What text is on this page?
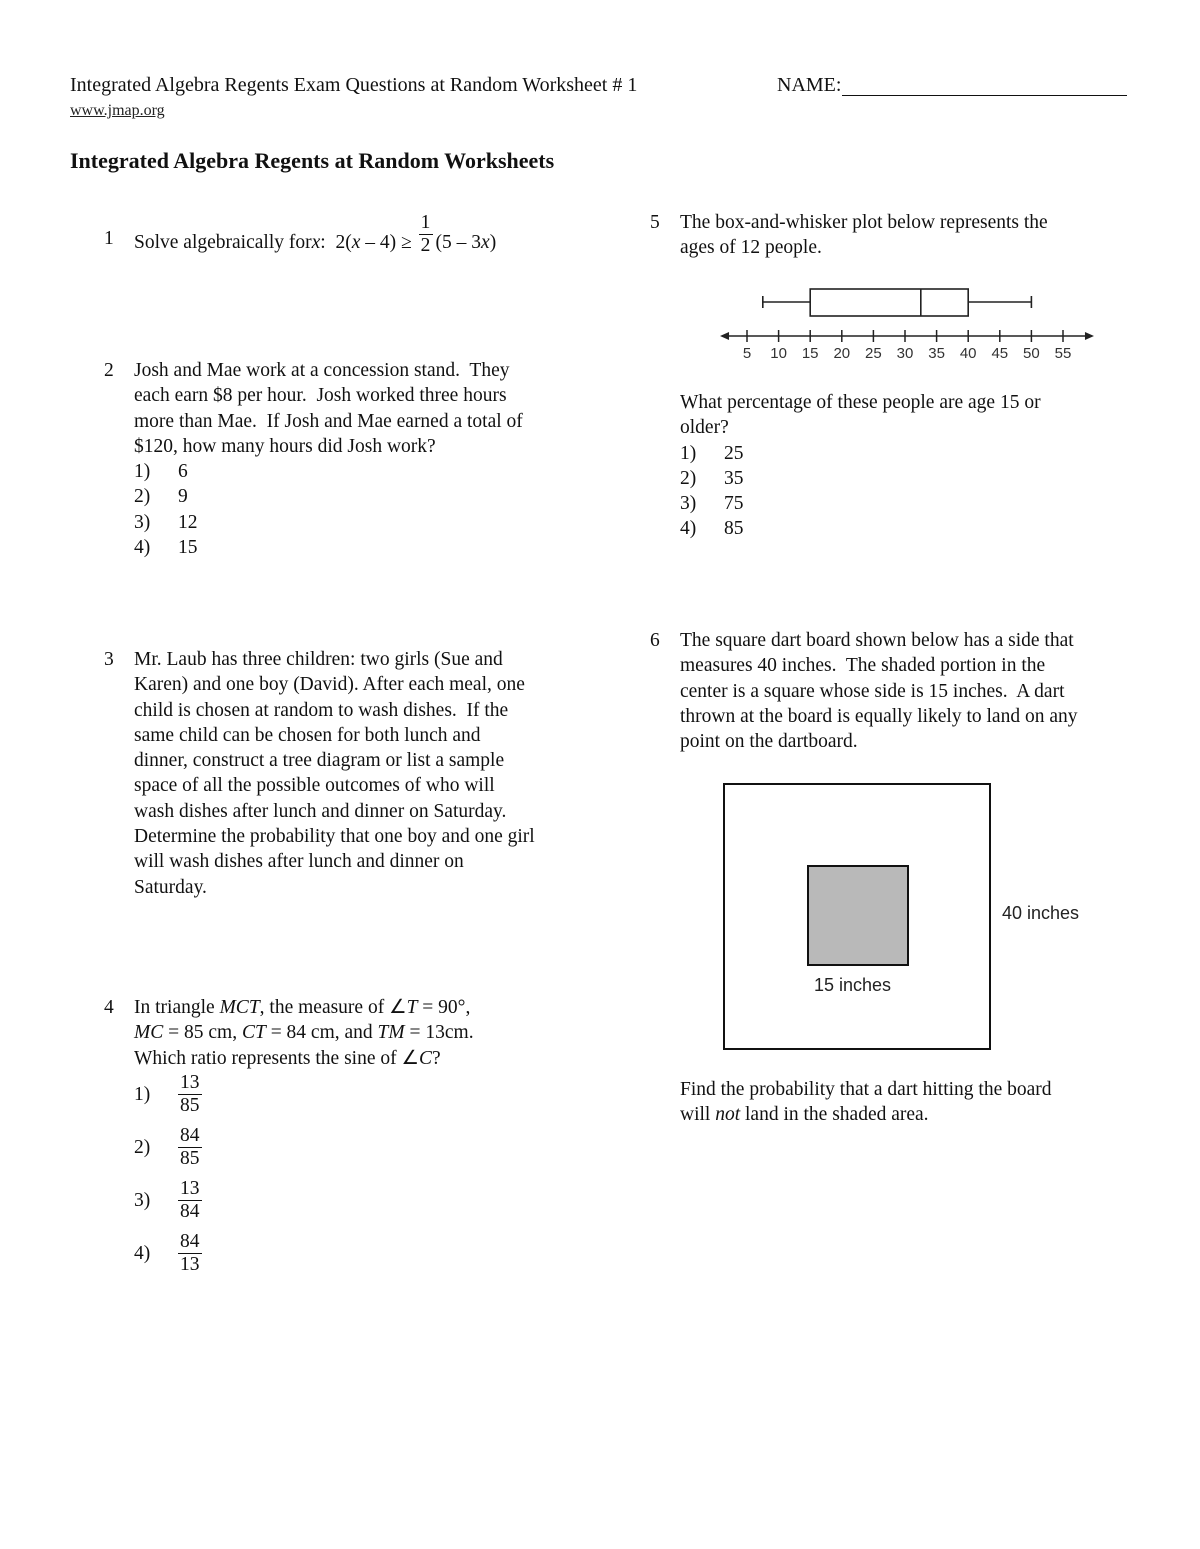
Integrated Algebra Regents Exam Questions at Random Worksheet # 1	NAME:
www.jmap.org
Integrated Algebra Regents at Random Worksheets
1 Solve algebraically for x :
2( $x - 4) \ge \frac{1}{2} (5 - 3$ x )
2 Josh and Mae work at a concession stand.  They
each earn $8 per hour.  Josh worked three hours
more than Mae.  If Josh and Mae earned a total of
$120, how many hours did Josh work?
1)	6
2)	9
3)	12
4)	15
3 Mr. Laub has three children: two girls (Sue and
Karen) and one boy (David). After each meal, one
child is chosen at random to wash dishes.  If the
same child can be chosen for both lunch and
dinner, construct a tree diagram or list a sample
space of all the possible outcomes of who will
wash dishes after lunch and dinner on Saturday.
Determine the probability that one boy and one girl
will wash dishes after lunch and dinner on
Saturday.
4 In triangle MCT, the measure of ∠T = 90°,
MC = 85 cm, CT = 84 cm, and TM = 13cm.
Which ratio represents the sine of ∠C?
1)	$\frac{13}{85}$
2)	$\frac{84}{85}$
3)	$\frac{13}{84}$
4)	$\frac{84}{13}$
5 The box-and-whisker plot below represents the
ages of 12 people.
5 10 15 20 25 30 35 40 45 50 55
What percentage of these people are age 15 or
older?
1)	25
2)	35
3)	75
4)	85
6 The square dart board shown below has a side that
measures 40 inches.  The shaded portion in the
center is a square whose side is 15 inches.  A dart
thrown at the board is equally likely to land on any
point on the dartboard.
15 inches
40 inches
Find the probability that a dart hitting the board
will not land in the shaded area.
